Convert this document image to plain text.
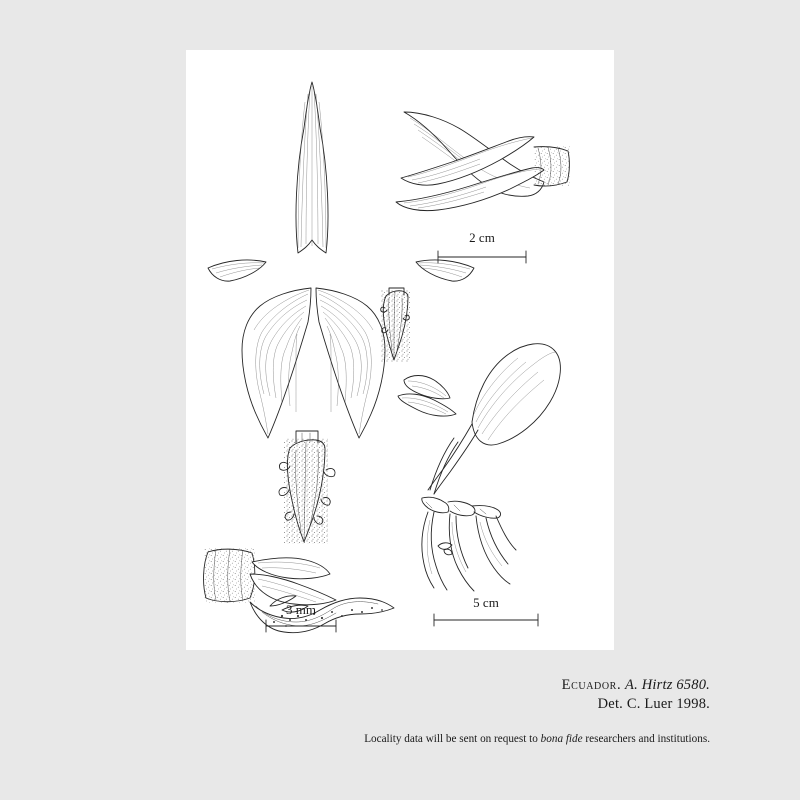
2 cm
3 mm	5 cm
Ecuador. A. Hirtz 6580.
Det. C. Luer 1998.
Locality data will be sent on request to bona fide researchers and institutions.
